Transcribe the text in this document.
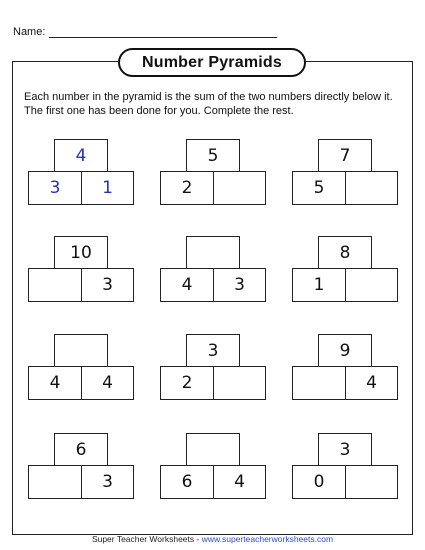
Name:
Number Pyramids
Each number in the pyramid is the sum of the two numbers directly below it. The first one has been done for you. Complete the rest.
4
3	1
5
2
7
5
10
3	4	3
8
1
4	4
3
2
9
4
6
3	6	4
3
0
Super Teacher Worksheets - www.superteacherworksheets.com
